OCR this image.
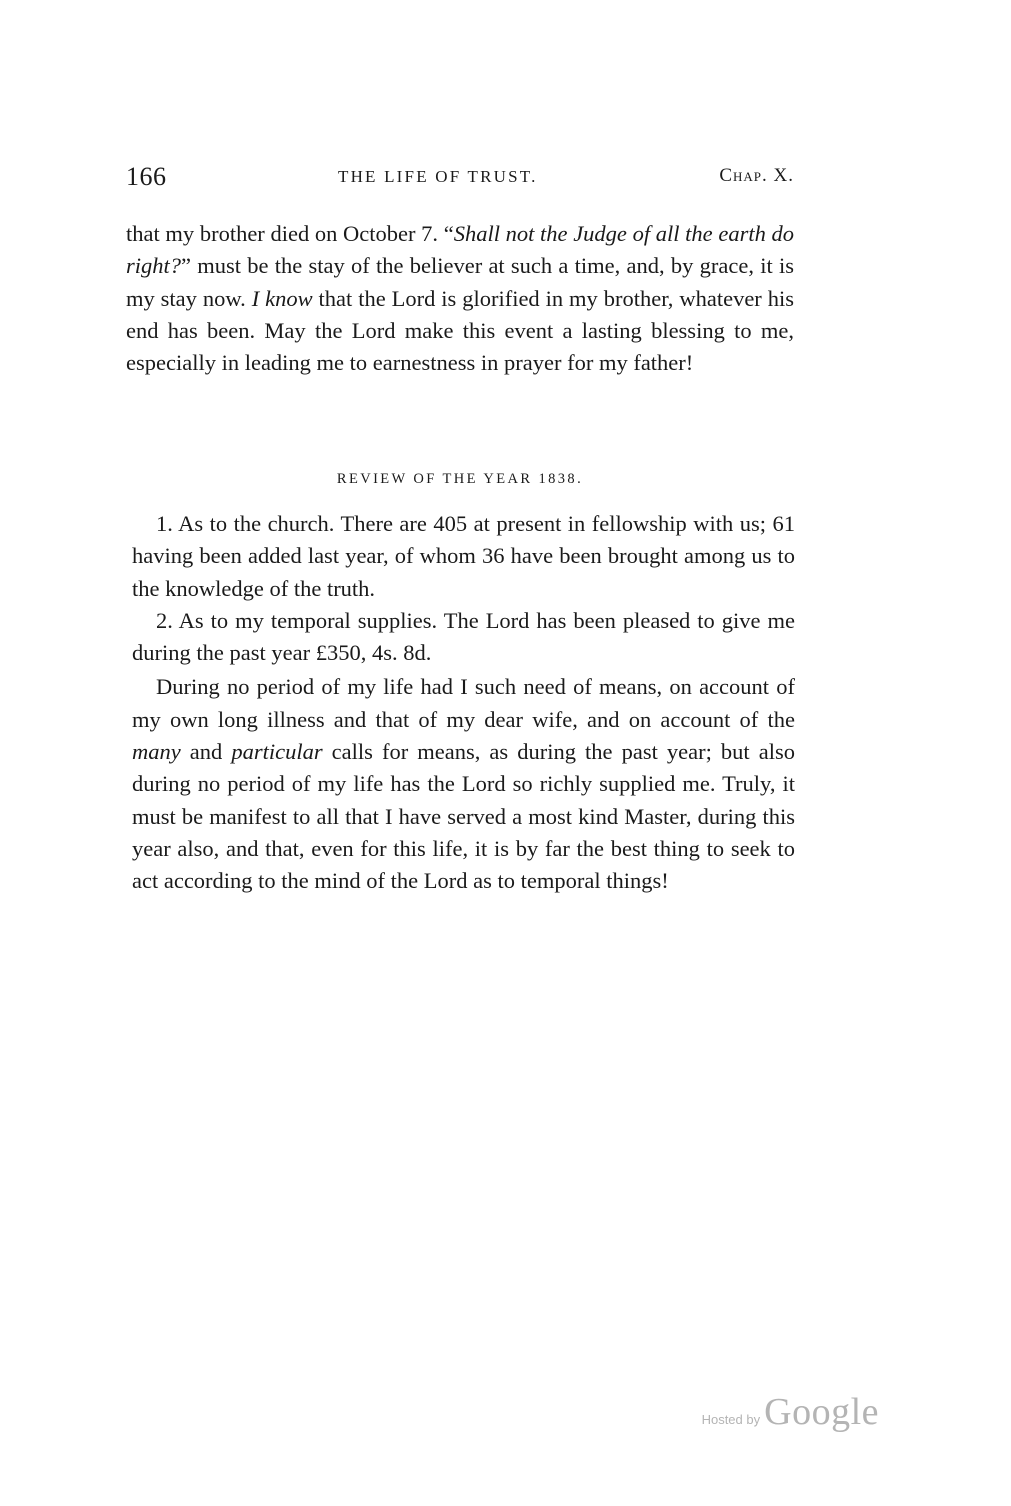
166	THE LIFE OF TRUST.	Chap. X.

that my brother died on October 7. “Shall not the Judge of all the earth do right?” must be the stay of the believer at such a time, and, by grace, it is my stay now. I know that the Lord is glorified in my brother, whatever his end has been. May the Lord make this event a lasting blessing to me, especially in leading me to earnestness in prayer for my father!

REVIEW OF THE YEAR 1838.

1. As to the church. There are 405 at present in fellowship with us; 61 having been added last year, of whom 36 have been brought among us to the knowledge of the truth.

2. As to my temporal supplies. The Lord has been pleased to give me during the past year £350, 4s. 8d.

During no period of my life had I such need of means, on account of my own long illness and that of my dear wife, and on account of the many and particular calls for means, as during the past year; but also during no period of my life has the Lord so richly supplied me. Truly, it must be manifest to all that I have served a most kind Master, during this year also, and that, even for this life, it is by far the best thing to seek to act according to the mind of the Lord as to temporal things!

Hosted by Google
